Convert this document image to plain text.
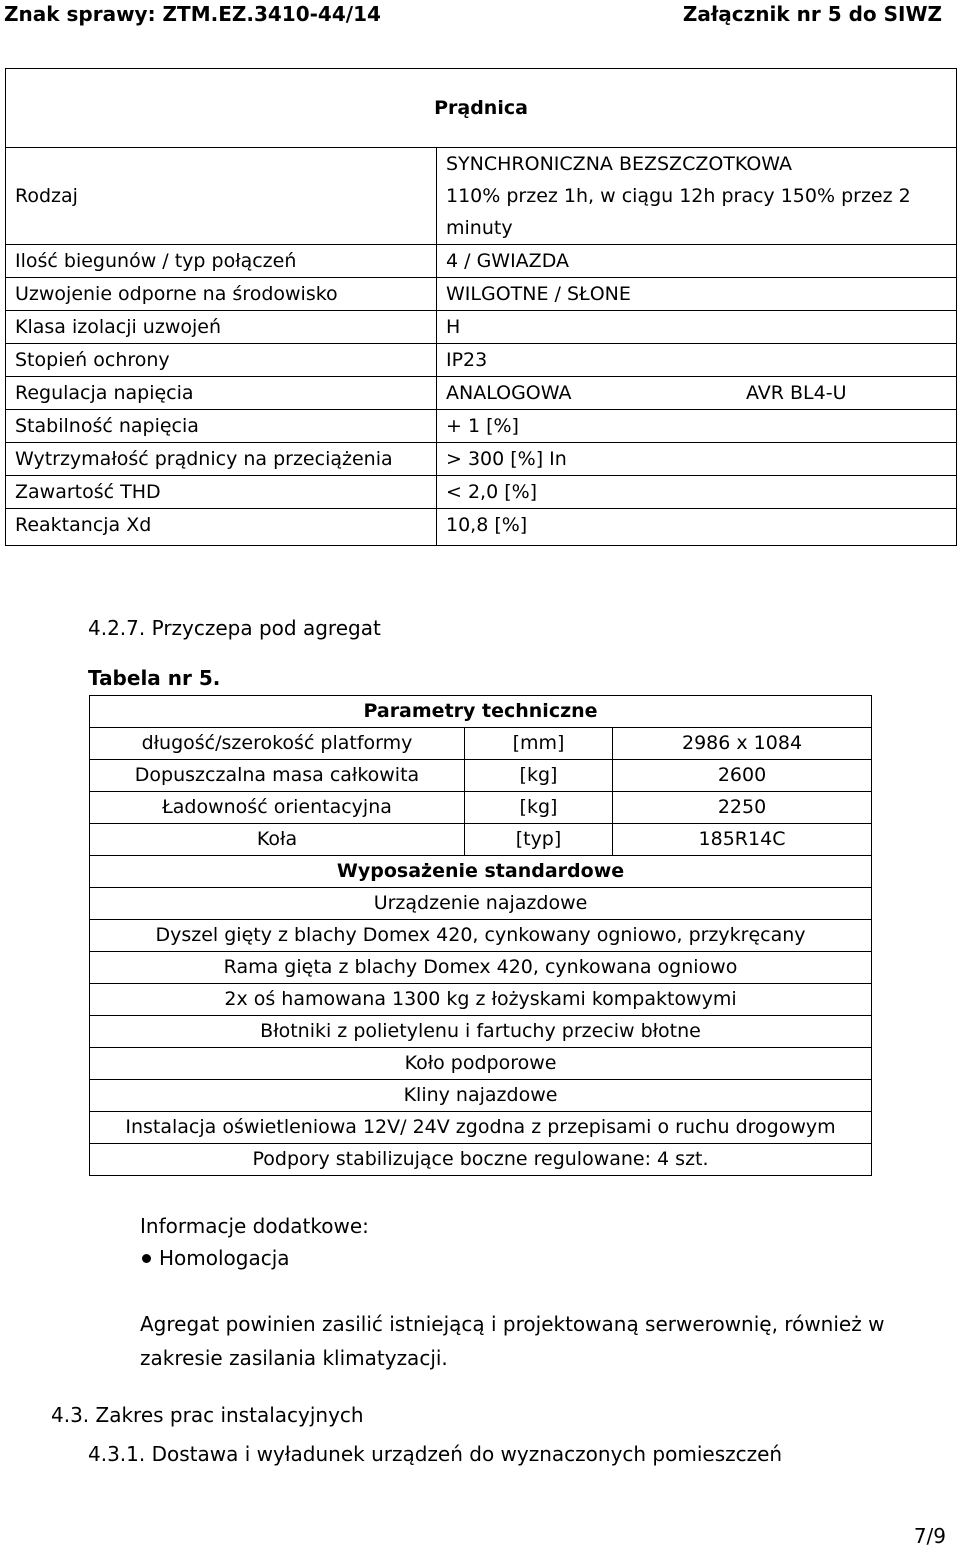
Znak sprawy: ZTM.EZ.3410-44/14	Załącznik nr 5 do SIWZ
Prądnica	
Rodzaj	SYNCHRONICZNA BEZSZCZOTKOWA
110% przez 1h, w ciągu 12h pracy 150% przez 2
minuty

Ilość biegunów / typ połączeń	4 / GWIAZDA

Uzwojenie odporne na środowisko	WILGOTNE / SŁONE

Klasa izolacji uzwojeń	H

Stopień ochrony	IP23

Regulacja napięcia	ANALOGOWA AVR BL4-U

Stabilność napięcia	+ 1 [%]

Wytrzymałość prądnicy na przeciążenia	> 300 [%] In

Zawartość THD	< 2,0 [%]

Reaktancja Xd	10,8 [%]
4.2.7. Przyczepa pod agregat
Tabela nr 5.
Parametry techniczne		
długość/szerokość platformy	[mm]	2986 x 1084
Dopuszczalna masa całkowita	[kg]	2600
Ładowność orientacyjna	[kg]	2250
Koła	[typ]	185R14C
Wyposażenie standardowe		
Urządzenie najazdowe		
Dyszel gięty z blachy Domex 420, cynkowany ogniowo, przykręcany		
Rama gięta z blachy Domex 420, cynkowana ogniowo		
2x oś hamowana 1300 kg z łożyskami kompaktowymi		
Błotniki z polietylenu i fartuchy przeciw błotne		
Koło podporowe		
Kliny najazdowe		
Instalacja oświetleniowa 12V/ 24V zgodna z przepisami o ruchu drogowym		
Podpory stabilizujące boczne regulowane: 4 szt.		
Informacje dodatkowe:
Homologacja
Agregat powinien zasilić istniejącą i projektowaną serwerownię, również w zakresie zasilania klimatyzacji.
4.3. Zakres prac instalacyjnych
4.3.1. Dostawa i wyładunek urządzeń do wyznaczonych pomieszczeń
7/9
